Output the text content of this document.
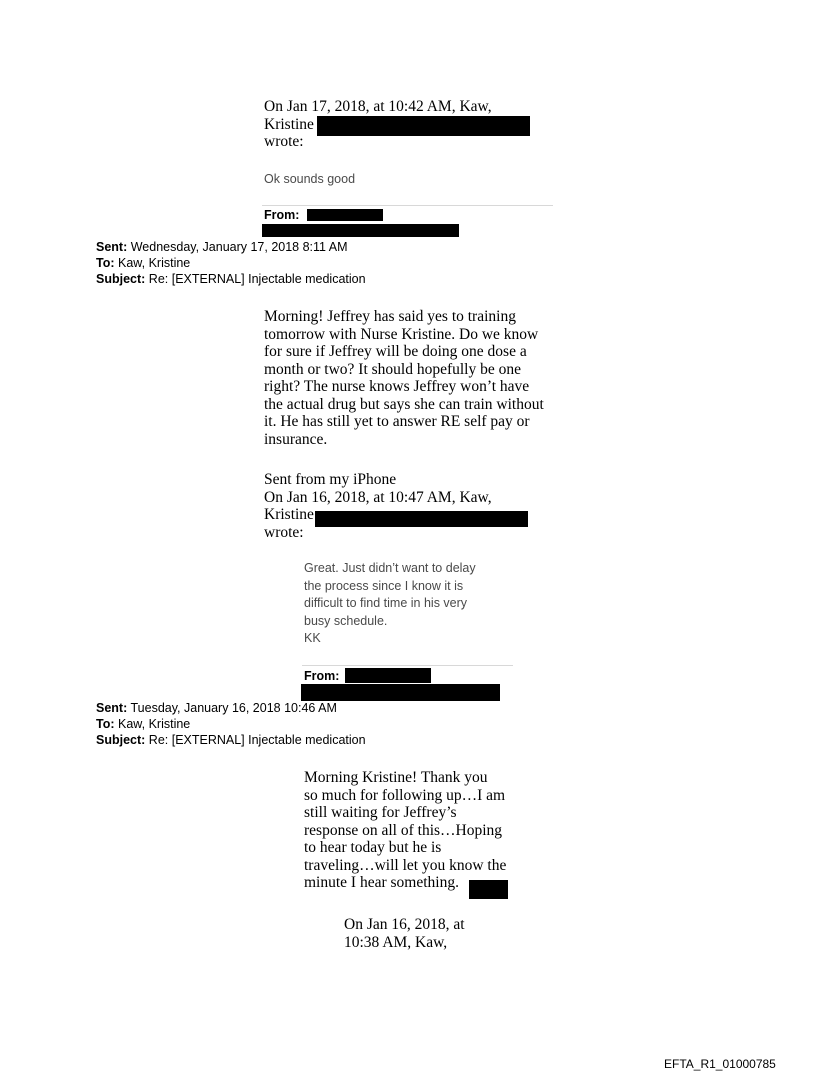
On Jan 17, 2018, at 10:42 AM, Kaw,
Kristine
wrote:
Ok sounds good
From:
Sent: Wednesday, January 17, 2018 8:11 AM
To: Kaw, Kristine
Subject: Re: [EXTERNAL] Injectable medication
Morning! Jeffrey has said yes to training
tomorrow with Nurse Kristine. Do we know
for sure if Jeffrey will be doing one dose a
month or two? It should hopefully be one
right? The nurse knows Jeffrey won’t have
the actual drug but says she can train without
it. He has still yet to answer RE self pay or
insurance.
Sent from my iPhone
On Jan 16, 2018, at 10:47 AM, Kaw,
Kristine
wrote:
Great. Just didn’t want to delay
the process since I know it is
difficult to find time in his very
busy schedule.
KK
From:
Sent: Tuesday, January 16, 2018 10:46 AM
To: Kaw, Kristine
Subject: Re: [EXTERNAL] Injectable medication
Morning Kristine! Thank you
so much for following up…I am
still waiting for Jeffrey’s
response on all of this…Hoping
to hear today but he is
traveling…will let you know the
minute I hear something.
On Jan 16, 2018, at
10:38 AM, Kaw,
EFTA_R1_01000785
